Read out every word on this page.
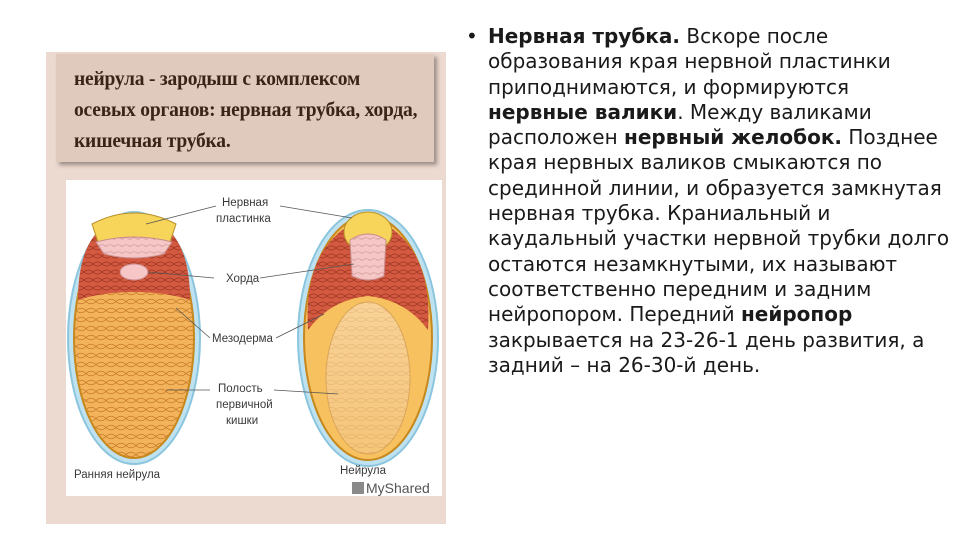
нейрула - зародыш с комплексом осевых органов: нервная трубка, хорда, кишечная трубка.
Нервная
пластинка
Хорда
Мезодерма
Полость
первичной
кишки
Ранняя нейрула	Нейрула
MyShared
• Нервная трубка. Вскоре после образования края нервной пластинки приподнимаются, и формируются нервные валики. Между валиками расположен нервный желобок. Позднее края нервных валиков смыкаются по срединной линии, и образуется замкнутая нервная трубка. Краниальный и каудальный участки нервной трубки долго остаются незамкнутыми, их называют соответственно передним и задним нейропором. Передний нейропор закрывается на 23-26-1 день развития, а задний – на 26-30-й день.
